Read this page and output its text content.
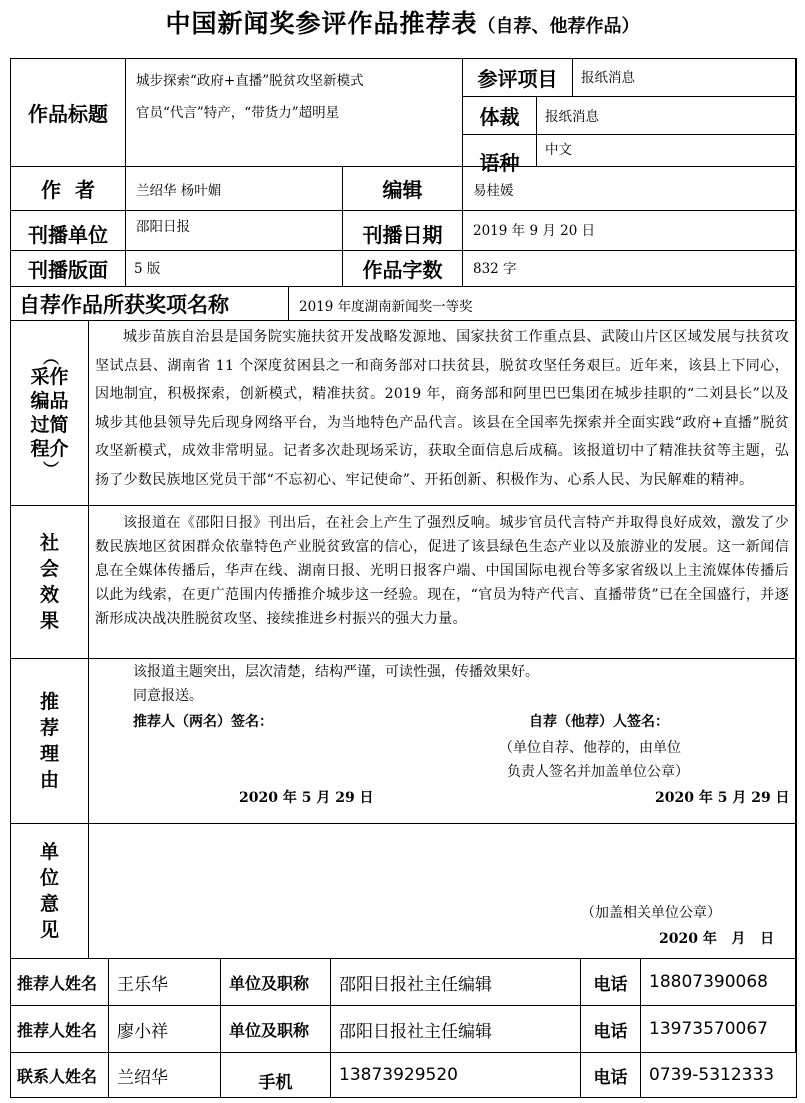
中国新闻奖参评作品推荐表（自荐、他荐作品）
作品标题
城步探索“政府+直播”脱贫攻坚新模式
官员“代言”特产，“带货力”超明星
参评项目 报纸消息
体裁 报纸消息
语种
中文
作  者	兰绍华 杨叶媚	编辑	易桂媛
刊播单位 邵阳日报	刊播日期 2019 年 9 月 20 日
刊播版面 5 版	作品字数 832 字
自荐作品所获奖项名称	2019 年度湖南新闻奖一等奖
（
采作
编品
过简
程介
）

城步苗族自治县是国务院实施扶贫开发战略发源地、国家扶贫工作重点县、武陵山片区区域发展与扶贫攻坚试点县、湖南省 11 个深度贫困县之一和商务部对口扶贫县，脱贫攻坚任务艰巨。近年来，该县上下同心，因地制宜，积极探索，创新模式，精准扶贫。2019 年，商务部和阿里巴巴集团在城步挂职的“二刘县长”以及城步其他县领导先后现身网络平台，为当地特色产品代言。该县在全国率先探索并全面实践“政府+直播”脱贫攻坚新模式，成效非常明显。记者多次赴现场采访，获取全面信息后成稿。该报道切中了精准扶贫等主题，弘扬了少数民族地区党员干部“不忘初心、牢记使命”、开拓创新、积极作为、心系人民、为民解难的精神。

社
会
效
果

该报道在《邵阳日报》刊出后，在社会上产生了强烈反响。城步官员代言特产并取得良好成效，激发了少数民族地区贫困群众依靠特色产业脱贫致富的信心，促进了该县绿色生态产业以及旅游业的发展。这一新闻信息在全媒体传播后，华声在线、湖南日报、光明日报客户端、中国国际电视台等多家省级以上主流媒体传播后以此为线索，在更广范围内传播推介城步这一经验。现在，“官员为特产代言、直播带货”已在全国盛行，并逐渐形成决战决胜脱贫攻坚、接续推进乡村振兴的强大力量。

推
荐
理
由
该报道主题突出，层次清楚，结构严谨，可读性强，传播效果好。
同意报送。
推荐人（两名）签名：	自荐（他荐）人签名：
（单位自荐、他荐的，由单位
负责人签名并加盖单位公章）
2020 年 5 月 29 日	2020 年 5 月 29 日
单
位
意
见
（加盖相关单位公章）
2020 年   月   日
推荐人姓名 王乐华	单位及职称 邵阳日报社主任编辑	电话 18807390068
推荐人姓名 廖小祥	单位及职称 邵阳日报社主任编辑	电话 13973570067
联系人姓名 兰绍华	手机	13873929520	电话 0739-5312333
